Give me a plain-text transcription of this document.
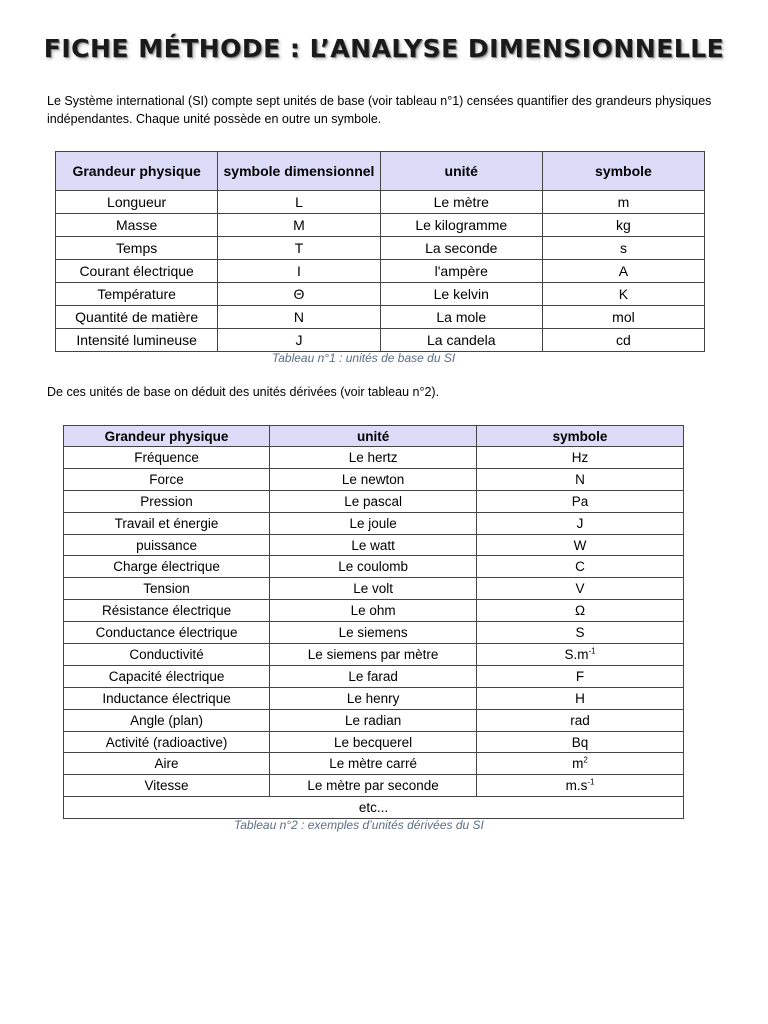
FICHE MÉTHODE : L’ANALYSE DIMENSIONNELLE
Le Système international (SI) compte sept unités de base (voir tableau n°1) censées quantifier des grandeurs physiques indépendantes. Chaque unité possède en outre un symbole.
Grandeur physique	symbole dimensionnel	unité	symbole
Longueur	L	Le mètre	m
Masse	M	Le kilogramme	kg
Temps	T	La seconde	s
Courant électrique	I	l'ampère	A
Température	Θ	Le kelvin	K
Quantité de matière	N	La mole	mol
Intensité lumineuse	J	La candela	cd
Tableau n°1 : unités de base du SI
De ces unités de base on déduit des unités dérivées (voir tableau n°2).
Grandeur physique	unité	symbole
Fréquence	Le hertz	Hz
Force	Le newton	N
Pression	Le pascal	Pa
Travail et énergie	Le joule	J
puissance	Le watt	W
Charge électrique	Le coulomb	C
Tension	Le volt	V
Résistance électrique	Le ohm	Ω
Conductance électrique	Le siemens	S
Conductivité	Le siemens par mètre	$S.m^{-1}$
Capacité électrique	Le farad	F
Inductance électrique	Le henry	H
Angle (plan)	Le radian	rad
Activité (radioactive)	Le becquerel	Bq
Aire	Le mètre carré	$m^2$
Vitesse	Le mètre par seconde	$m.s^{-1}$
etc...		
Tableau n°2 : exemples d’unités dérivées du SI
